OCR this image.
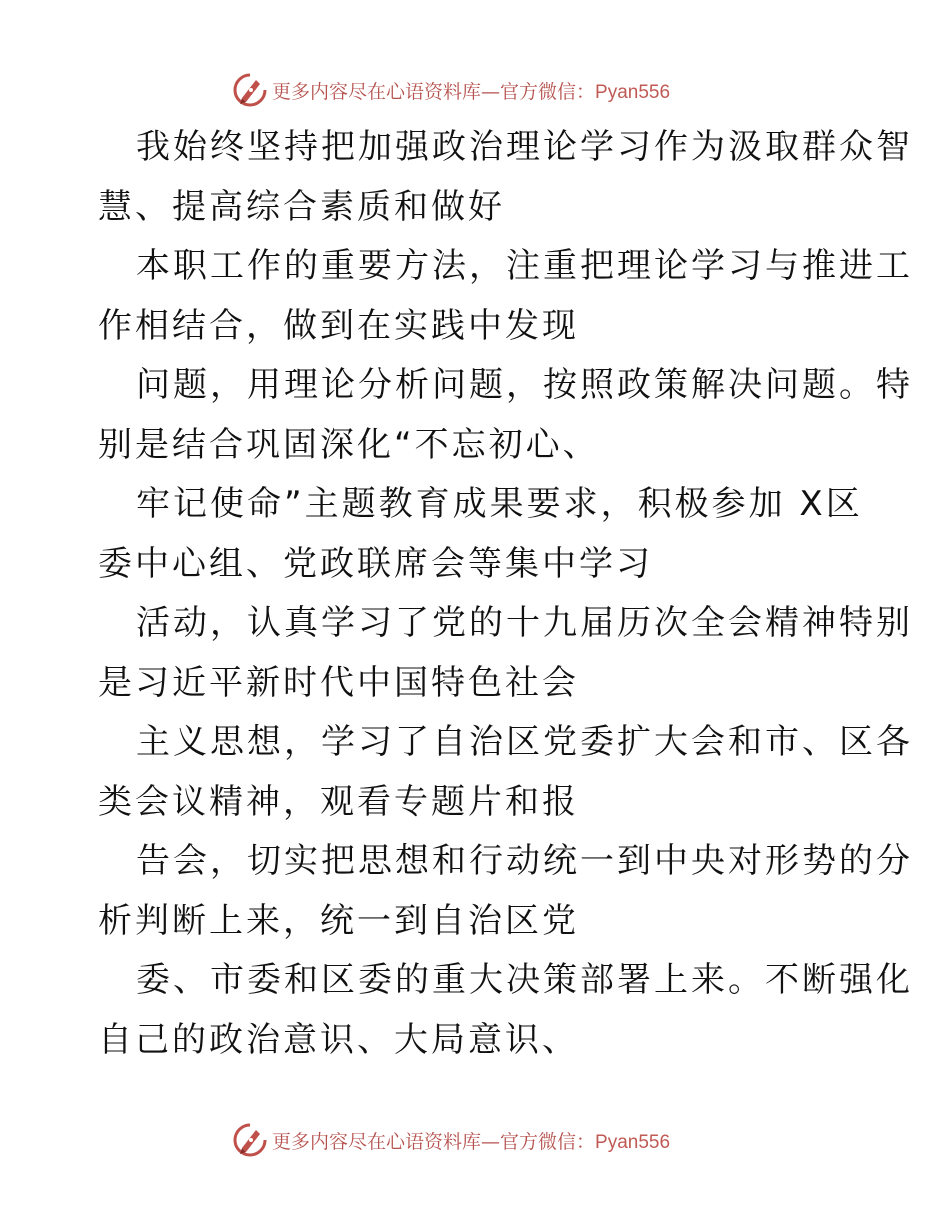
更多内容尽在心语资料库—官方微信：Pyan556
我始终坚持把加强政治理论学习作为汲取群众智
慧、提高综合素质和做好
本职工作的重要方法，注重把理论学习与推进工
作相结合，做到在实践中发现
问题，用理论分析问题，按照政策解决问题。特
别是结合巩固深化“不忘初心、
牢记使命”主题教育成果要求，积极参加 X区
委中心组、党政联席会等集中学习
活动，认真学习了党的十九届历次全会精神特别
是习近平新时代中国特色社会
主义思想，学习了自治区党委扩大会和市、区各
类会议精神，观看专题片和报
告会，切实把思想和行动统一到中央对形势的分
析判断上来，统一到自治区党
委、市委和区委的重大决策部署上来。不断强化
自己的政治意识、大局意识、
更多内容尽在心语资料库—官方微信：Pyan556
